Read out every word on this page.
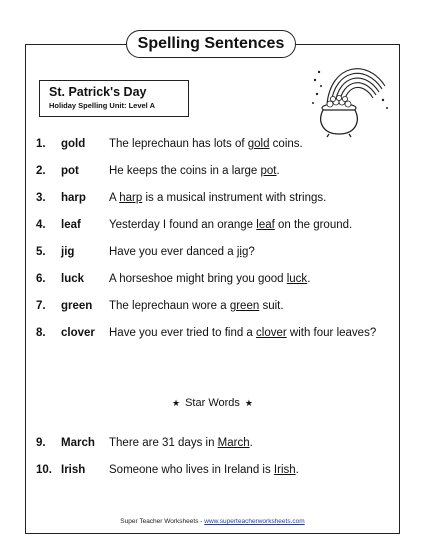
Spelling Sentences
St. Patrick's Day
Holiday Spelling Unit: Level A
1. gold The leprechaun has lots of gold coins.
2. pot	He keeps the coins in a large pot.
3. harp A harp is a musical instrument with strings.
4. leaf Yesterday I found an orange leaf on the ground.
5. jig	Have you ever danced a jig?
6. luck A horseshoe might bring you good luck.
7. green The leprechaun wore a green suit.
8. clover Have you ever tried to find a clover with four leaves?
★ Star Words ★
9. March There are 31 days in March.
10. Irish Someone who lives in Ireland is Irish.
Super Teacher Worksheets - www.superteacherworksheets.com
